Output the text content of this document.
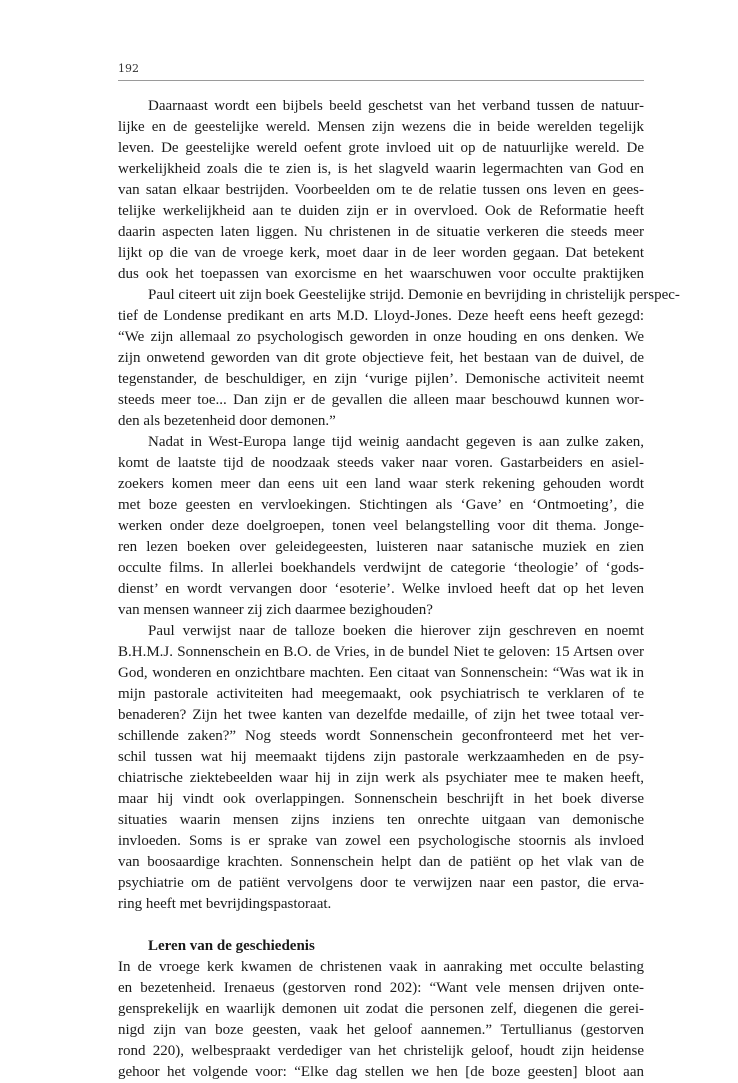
192
Daarnaast wordt een bijbels beeld geschetst van het verband tussen de natuur-
lijke en de geestelijke wereld. Mensen zijn wezens die in beide werelden tegelijk
leven. De geestelijke wereld oefent grote invloed uit op de natuurlijke wereld. De
werkelijkheid zoals die te zien is, is het slagveld waarin legermachten van God en
van satan elkaar bestrijden. Voorbeelden om te de relatie tussen ons leven en gees-
telijke werkelijkheid aan te duiden zijn er in overvloed. Ook de Reformatie heeft
daarin aspecten laten liggen. Nu christenen in de situatie verkeren die steeds meer
lijkt op die van de vroege kerk, moet daar in de leer worden gegaan. Dat betekent
dus ook het toepassen van exorcisme en het waarschuwen voor occulte praktijken
Paul citeert uit zijn boek Geestelijke strijd. Demonie en bevrijding in christelijk perspec-
tief de Londense predikant en arts M.D. Lloyd-Jones. Deze heeft eens heeft gezegd:
“We zijn allemaal zo psychologisch geworden in onze houding en ons denken. We
zijn onwetend geworden van dit grote objectieve feit, het bestaan van de duivel, de
tegenstander, de beschuldiger, en zijn ‘vurige pijlen’. Demonische activiteit neemt
steeds meer toe... Dan zijn er de gevallen die alleen maar beschouwd kunnen wor-
den als bezetenheid door demonen.”
Nadat in West-Europa lange tijd weinig aandacht gegeven is aan zulke zaken,
komt de laatste tijd de noodzaak steeds vaker naar voren. Gastarbeiders en asiel-
zoekers komen meer dan eens uit een land waar sterk rekening gehouden wordt
met boze geesten en vervloekingen. Stichtingen als ‘Gave’ en ‘Ontmoeting’, die
werken onder deze doelgroepen, tonen veel belangstelling voor dit thema. Jonge-
ren lezen boeken over geleidegeesten, luisteren naar satanische muziek en zien
occulte films. In allerlei boekhandels verdwijnt de categorie ‘theologie’ of ‘gods-
dienst’ en wordt vervangen door ‘esoterie’. Welke invloed heeft dat op het leven
van mensen wanneer zij zich daarmee bezighouden?
Paul verwijst naar de talloze boeken die hierover zijn geschreven en noemt
B.H.M.J. Sonnenschein en B.O. de Vries, in de bundel Niet te geloven: 15 Artsen over
God, wonderen en onzichtbare machten. Een citaat van Sonnenschein: “Was wat ik in
mijn pastorale activiteiten had meegemaakt, ook psychiatrisch te verklaren of te
benaderen? Zijn het twee kanten van dezelfde medaille, of zijn het twee totaal ver-
schillende zaken?” Nog steeds wordt Sonnenschein geconfronteerd met het ver-
schil tussen wat hij meemaakt tijdens zijn pastorale werkzaamheden en de psy-
chiatrische ziektebeelden waar hij in zijn werk als psychiater mee te maken heeft,
maar hij vindt ook overlappingen. Sonnenschein beschrijft in het boek diverse
situaties waarin mensen zijns inziens ten onrechte uitgaan van demonische
invloeden. Soms is er sprake van zowel een psychologische stoornis als invloed
van boosaardige krachten. Sonnenschein helpt dan de patiënt op het vlak van de
psychiatrie om de patiënt vervolgens door te verwijzen naar een pastor, die erva-
ring heeft met bevrijdingspastoraat.
Leren van de geschiedenis
In de vroege kerk kwamen de christenen vaak in aanraking met occulte belasting
en bezetenheid. Irenaeus (gestorven rond 202): “Want vele mensen drijven onte-
gensprekelijk en waarlijk demonen uit zodat die personen zelf, diegenen die gerei-
nigd zijn van boze geesten, vaak het geloof aannemen.” Tertullianus (gestorven
rond 220), welbespraakt verdediger van het christelijk geloof, houdt zijn heidense
gehoor het volgende voor: “Elke dag stellen we hen [de boze geesten] bloot aan
